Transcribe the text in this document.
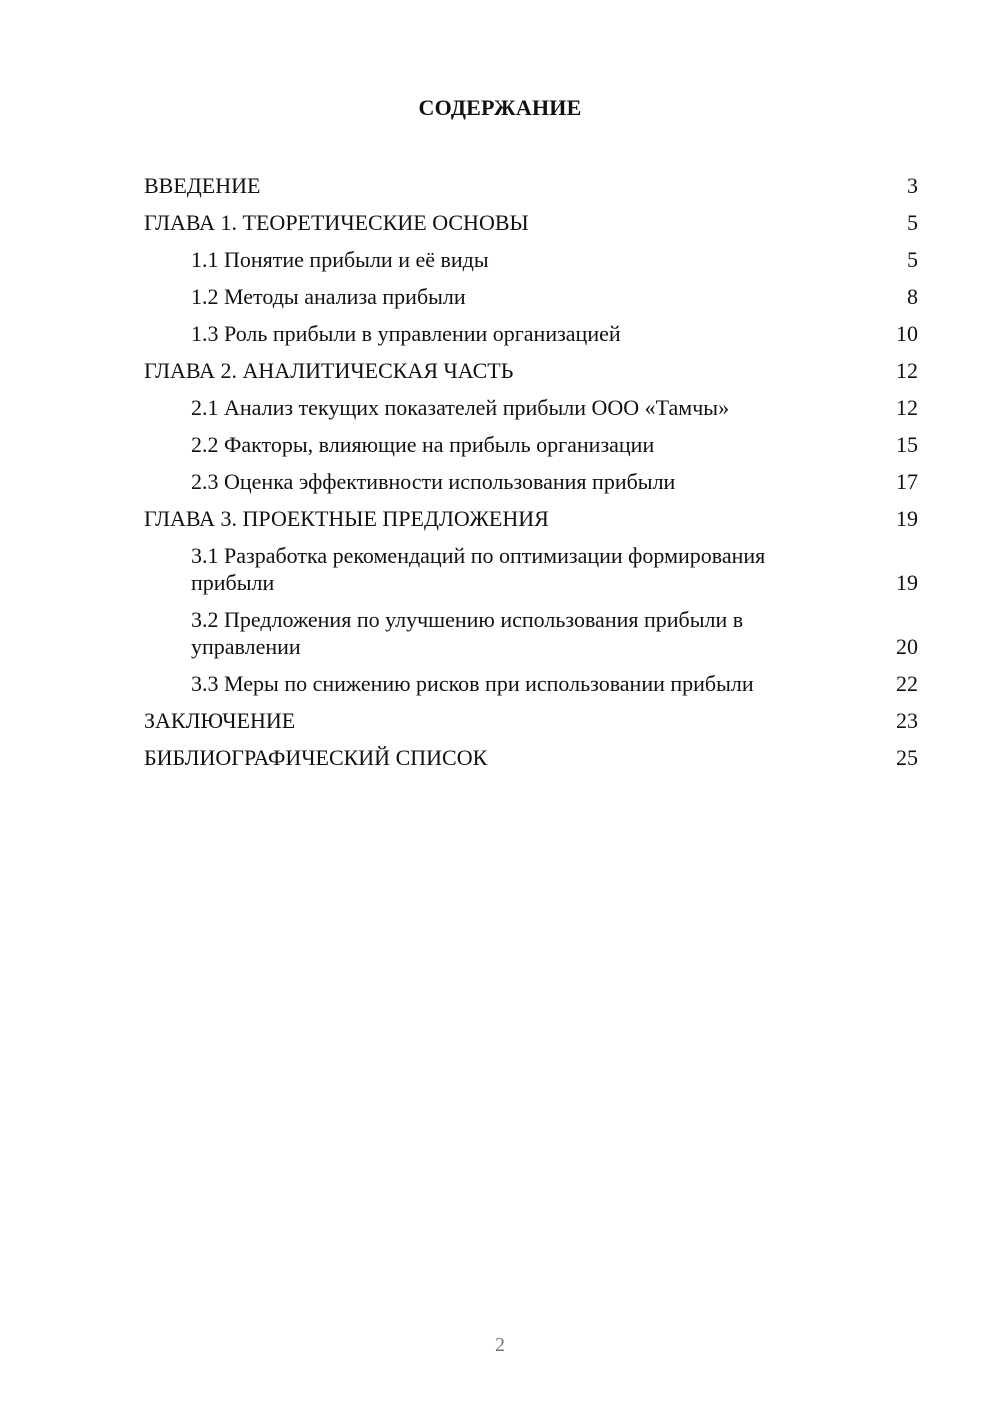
СОДЕРЖАНИЕ
ВВЕДЕНИЕ	3
ГЛАВА 1. ТЕОРЕТИЧЕСКИЕ ОСНОВЫ	5
1.1 Понятие прибыли и её виды	5
1.2 Методы анализа прибыли	8
1.3 Роль прибыли в управлении организацией	10
ГЛАВА 2. АНАЛИТИЧЕСКАЯ ЧАСТЬ	12
2.1 Анализ текущих показателей прибыли ООО «Тамчы»	12
2.2 Факторы, влияющие на прибыль организации	15
2.3 Оценка эффективности использования прибыли	17
ГЛАВА 3. ПРОЕКТНЫЕ ПРЕДЛОЖЕНИЯ	19
3.1 Разработка рекомендаций по оптимизации формирования прибыли	19
3.2 Предложения по улучшению использования прибыли в управлении	20
3.3 Меры по снижению рисков при использовании прибыли	22
ЗАКЛЮЧЕНИЕ	23
БИБЛИОГРАФИЧЕСКИЙ СПИСОК	25
2
